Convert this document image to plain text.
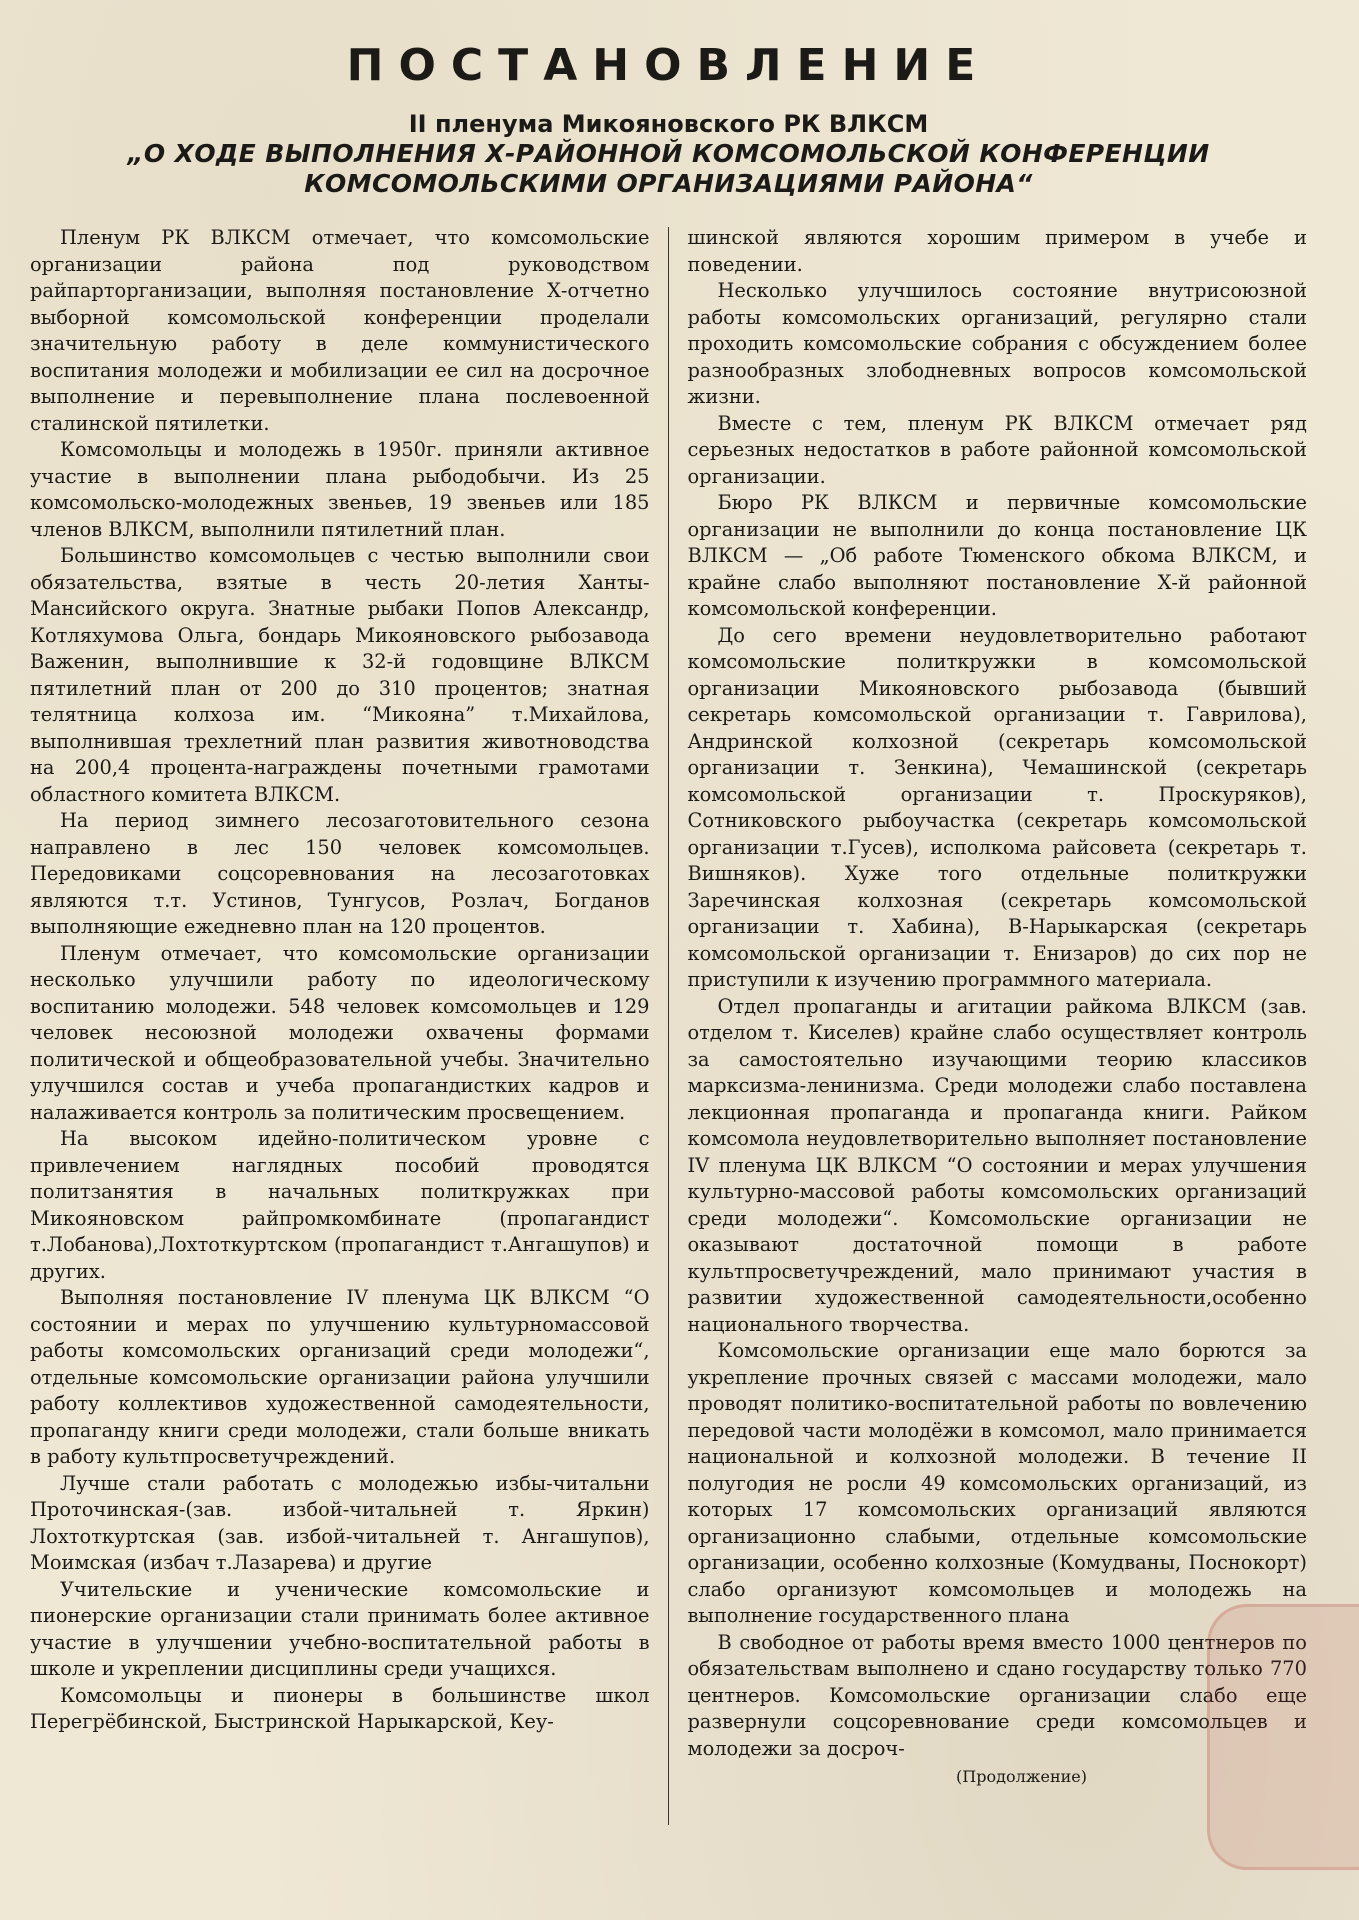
ПОСТАНОВЛЕНИЕ

II пленума Микояновского РК ВЛКСМ

„О ХОДЕ ВЫПОЛНЕНИЯ Х-РАЙОННОЙ КОМСОМОЛЬСКОЙ КОНФЕРЕНЦИИ

КОМСОМОЛЬСКИМИ ОРГАНИЗАЦИЯМИ РАЙОНА“

Пленум РК ВЛКСМ отмечает, что комсомольские организации района под руководством райпарторганизации, выполняя постановление Х-отчетно выборной комсомольской конференции проделали значительную работу в деле коммунистического воспитания молодежи и мобилизации ее сил на досрочное выполнение и перевыполнение плана послевоенной сталинской пятилетки.

Комсомольцы и молодежь в 1950г. приняли активное участие в выполнении плана рыбодобычи. Из 25 комсомольско-молодежных звеньев, 19 звеньев или 185 членов ВЛКСМ, выполнили пятилетний план.

Большинство комсомольцев с честью выполнили свои обязательства, взятые в честь 20-летия Ханты-Мансийского округа. Знатные рыбаки Попов Александр, Котляхумова Ольга, бондарь Микояновского рыбозавода Важенин, выполнившие к 32-й годовщине ВЛКСМ пятилетний план от 200 до 310 процентов; знатная телятница колхоза им. “Микояна” т.Михайлова, выполнившая трехлетний план развития животноводства на 200,4 процента-награждены почетными грамотами областного комитета ВЛКСМ.

На период зимнего лесозаготовительного сезона направлено в лес 150 человек комсомольцев. Передовиками соцсоревнования на лесозаготовках являются т.т. Устинов, Тунгусов, Розлач, Богданов выполняющие ежедневно план на 120 процентов.

Пленум отмечает, что комсомольские организации несколько улучшили работу по идеологическому воспитанию молодежи. 548 человек комсомольцев и 129 человек несоюзной молодежи охвачены формами политической и общеобразовательной учебы. Значительно улучшился состав и учеба пропагандистких кадров и налаживается контроль за политическим просвещением.

На высоком идейно-политическом уровне с привлечением наглядных пособий проводятся политзанятия в начальных политкружках при Микояновском райпромкомбинате (пропагандист т.Лобанова),Лохтоткуртском (пропагандист т.Ангашупов) и других.

Выполняя постановление IV пленума ЦК ВЛКСМ “О состоянии и мерах по улучшению культурномассовой работы комсомольских организаций среди молодежи“, отдельные комсомольские организации района улучшили работу коллективов художественной самодеятельности, пропаганду книги среди молодежи, стали больше вникать в работу культпросветучреждений.

Лучше стали работать с молодежью избы-читальни Проточинская-(зав. избой-читальней т. Яркин) Лохтоткуртская (зав. избой-читальней т. Ангашупов), Моимская (избач т.Лазарева) и другие

Учительские и ученические комсомольские и пионерские организации стали принимать более активное участие в улучшении учебно-воспитательной работы в школе и укреплении дисциплины среди учащихся.

Комсомольцы и пионеры в большинстве школ Перегрёбинской, Быстринской Нарыкарской, Кеу-

шинской являются хорошим примером в учебе и поведении.

Несколько улучшилось состояние внутрисоюзной работы комсомольских организаций, регулярно стали проходить комсомольские собрания с обсуждением более разнообразных злободневных вопросов комсомольской жизни.

Вместе с тем, пленум РК ВЛКСМ отмечает ряд серьезных недостатков в работе районной комсомольской организации.

Бюро РК ВЛКСМ и первичные комсомольские организации не выполнили до конца постановление ЦК ВЛКСМ — „Об работе Тюменского обкома ВЛКСМ, и крайне слабо выполняют постановление Х-й районной комсомольской конференции.

До сего времени неудовлетворительно работают комсомольские политкружки в комсомольской организации Микояновского рыбозавода (бывший секретарь комсомольской организации т. Гаврилова), Андринской колхозной (секретарь комсомольской организации т. Зенкина), Чемашинской (секретарь комсомольской организации т. Проскуряков), Сотниковского рыбоучастка (секретарь комсомольской организации т.Гусев), исполкома райсовета (секретарь т. Вишняков). Хуже того отдельные политкружки Заречинская колхозная (секретарь комсомольской организации т. Хабина), В-Нарыкарская (секретарь комсомольской организации т. Енизаров) до сих пор не приступили к изучению программного материала.

Отдел пропаганды и агитации райкома ВЛКСМ (зав. отделом т. Киселев) крайне слабо осуществляет контроль за самостоятельно изучающими теорию классиков марксизма-ленинизма. Среди молодежи слабо поставлена лекционная пропаганда и пропаганда книги. Райком комсомола неудовлетворительно выполняет постановление IV пленума ЦК ВЛКСМ “О состоянии и мерах улучшения культурно-массовой работы комсомольских организаций среди молодежи“. Комсомольские организации не оказывают достаточной помощи в работе культпросветучреждений, мало принимают участия в развитии художественной самодеятельности,особенно национального творчества.

Комсомольские организации еще мало борются за укрепление прочных связей с массами молодежи, мало проводят политико-воспитательной работы по вовлечению передовой части молодёжи в комсомол, мало принимается национальной и колхозной молодежи. В течение II полугодия не росли 49 комсомольских организаций, из которых 17 комсомольских организаций являются организационно слабыми, отдельные комсомольские организации, особенно колхозные (Комудваны, Поснокорт) слабо организуют комсомольцев и молодежь на выполнение государственного плана

В свободное от работы время вместо 1000 центнеров по обязательствам выполнено и сдано государству только 770 центнеров. Комсомольские организации слабо еще развернули соцсоревнование среди комсомольцев и молодежи за досроч-

(Продолжение)
